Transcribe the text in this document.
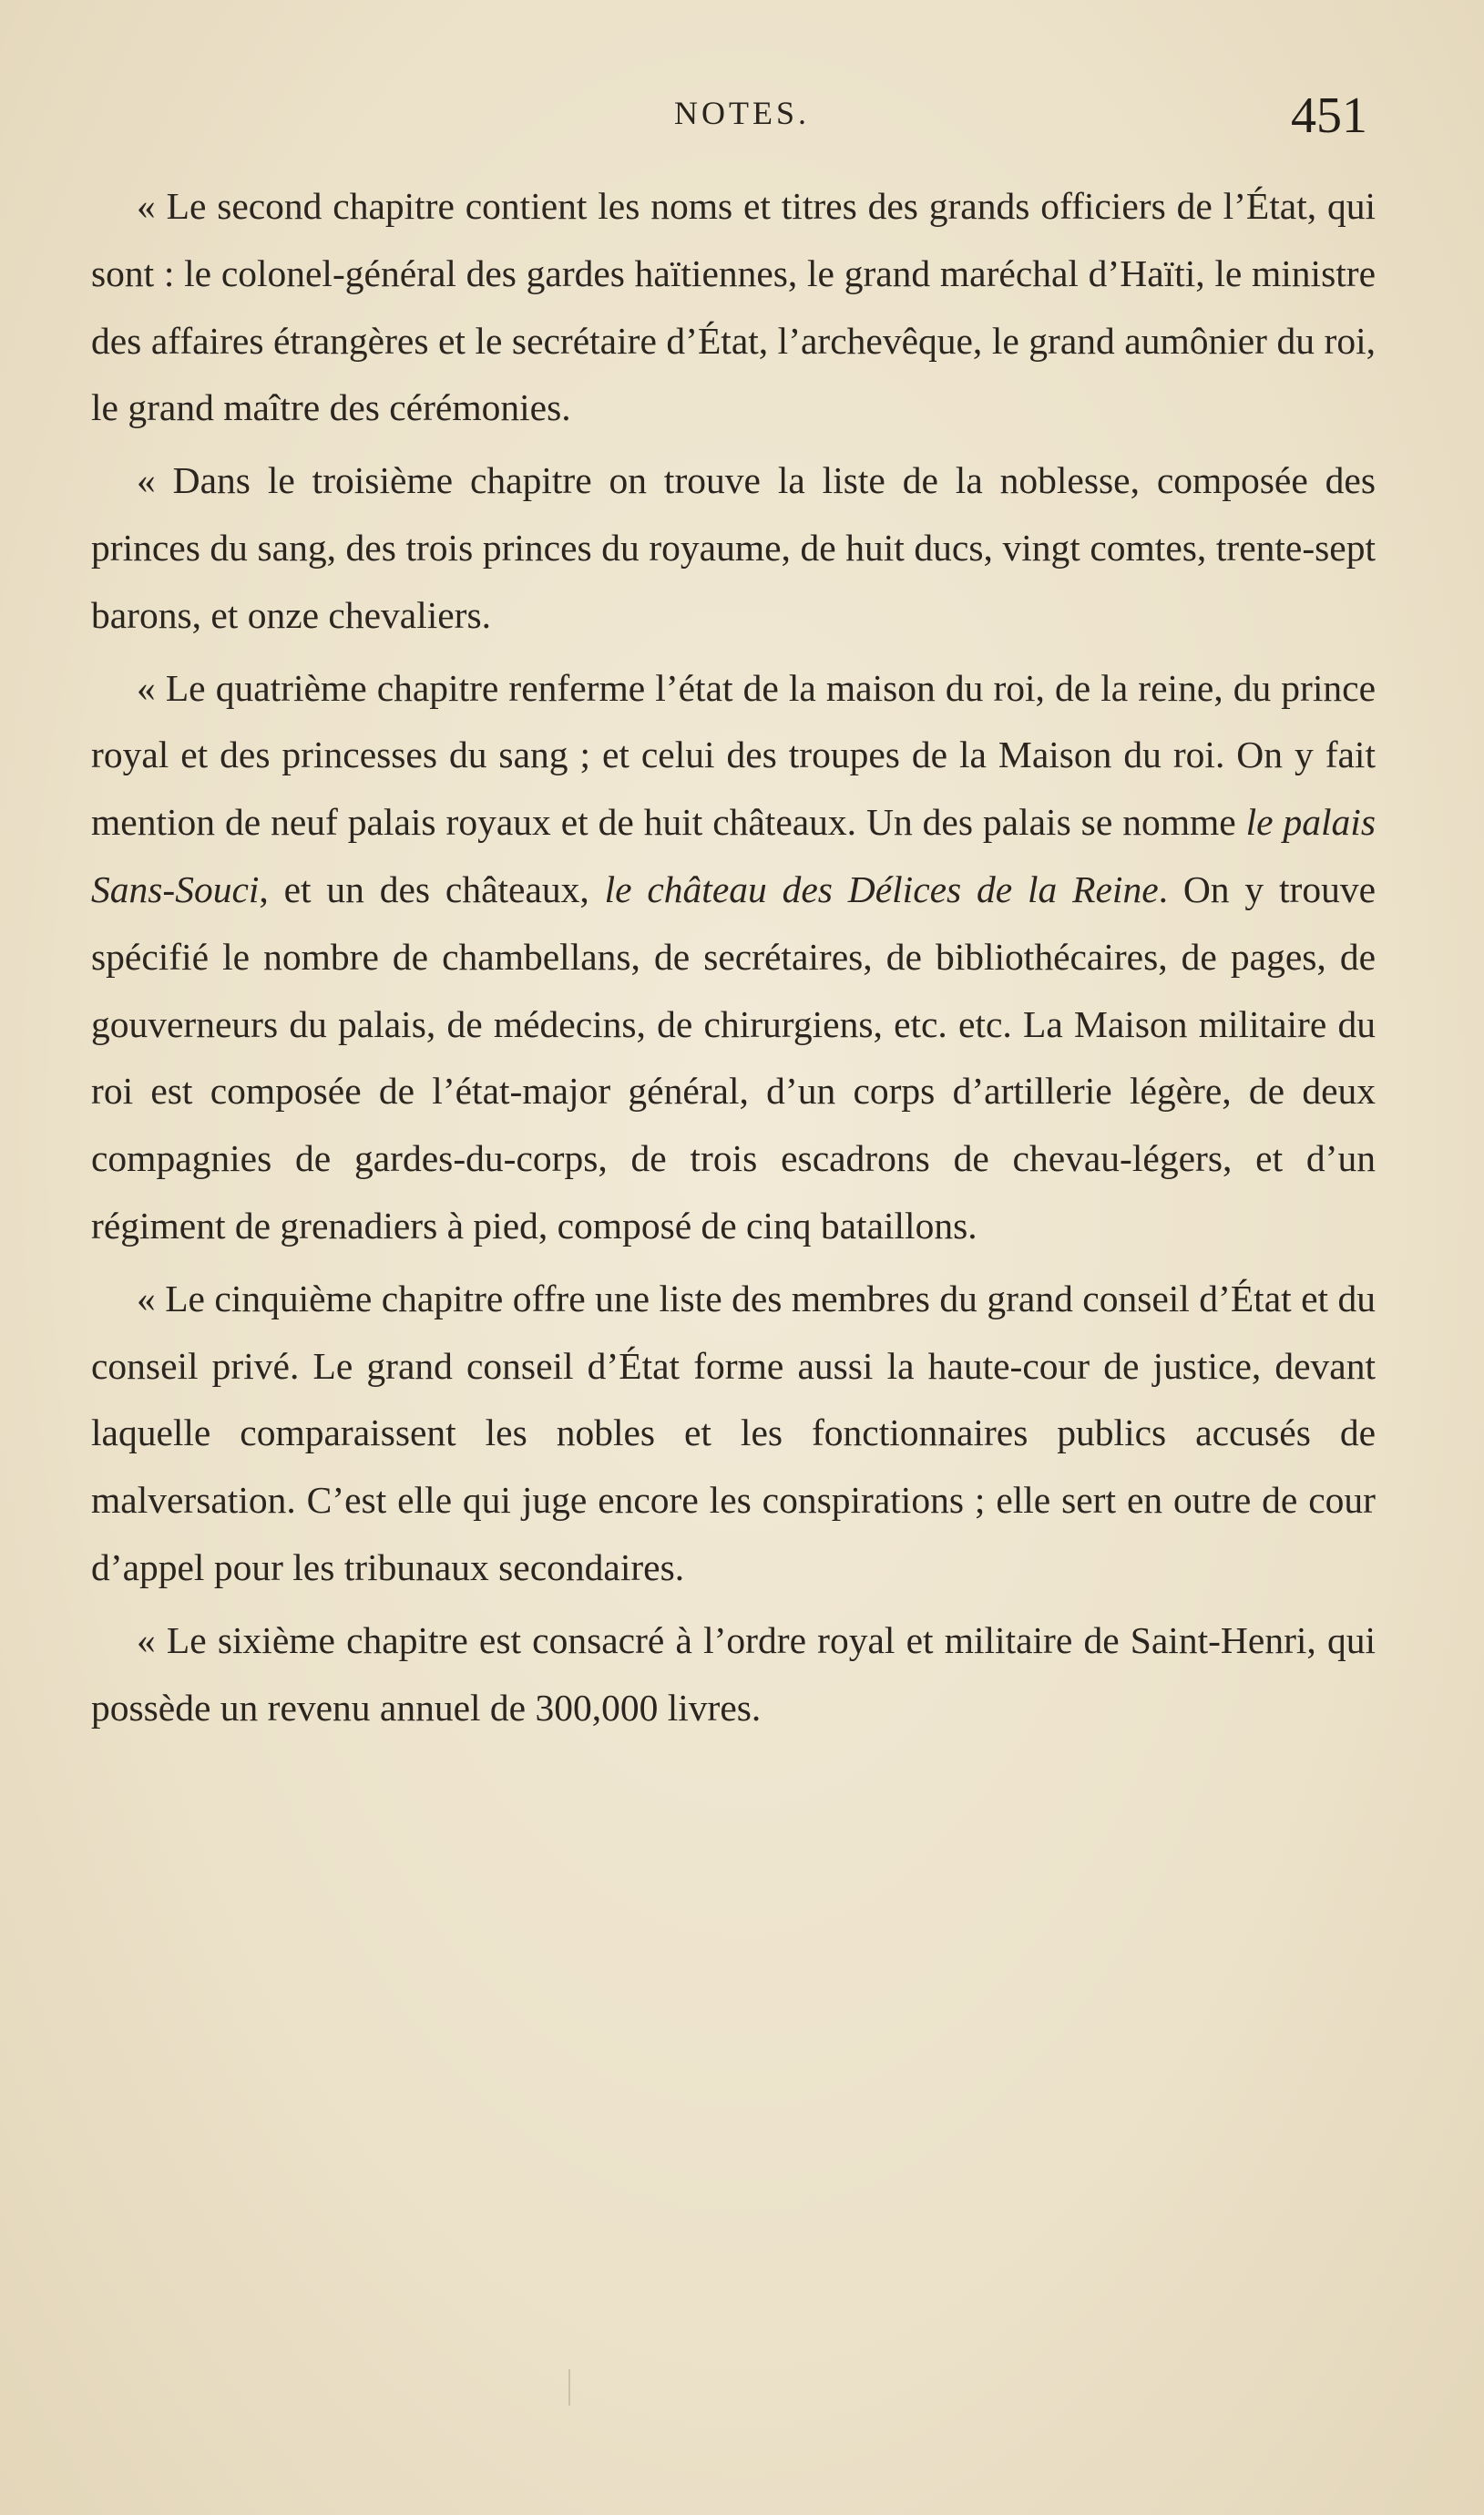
NOTES.	451

« Le second chapitre contient les noms et titres des grands officiers de l’État, qui sont : le colonel-général des gardes haïtiennes, le grand maréchal d’Haïti, le ministre des affaires étrangères et le secrétaire d’État, l’archevêque, le grand aumônier du roi, le grand maître des cérémonies.

« Dans le troisième chapitre on trouve la liste de la noblesse, composée des princes du sang, des trois princes du royaume, de huit ducs, vingt comtes, trente-sept barons, et onze chevaliers.

« Le quatrième chapitre renferme l’état de la maison du roi, de la reine, du prince royal et des princesses du sang ; et celui des troupes de la Maison du roi. On y fait mention de neuf palais royaux et de huit châteaux. Un des palais se nomme le palais Sans-Souci, et un des châteaux, le château des Délices de la Reine. On y trouve spécifié le nombre de chambellans, de secrétaires, de bibliothécaires, de pages, de gouverneurs du palais, de médecins, de chirurgiens, etc. etc. La Maison militaire du roi est composée de l’état-major général, d’un corps d’artillerie légère, de deux compagnies de gardes-du-corps, de trois escadrons de chevau-légers, et d’un régiment de grenadiers à pied, composé de cinq bataillons.

« Le cinquième chapitre offre une liste des membres du grand conseil d’État et du conseil privé. Le grand conseil d’État forme aussi la haute-cour de justice, devant laquelle comparaissent les nobles et les fonctionnaires publics accusés de malversation. C’est elle qui juge encore les conspirations ; elle sert en outre de cour d’appel pour les tribunaux secondaires.

« Le sixième chapitre est consacré à l’ordre royal et militaire de Saint-Henri, qui possède un revenu annuel de 300,000 livres.
